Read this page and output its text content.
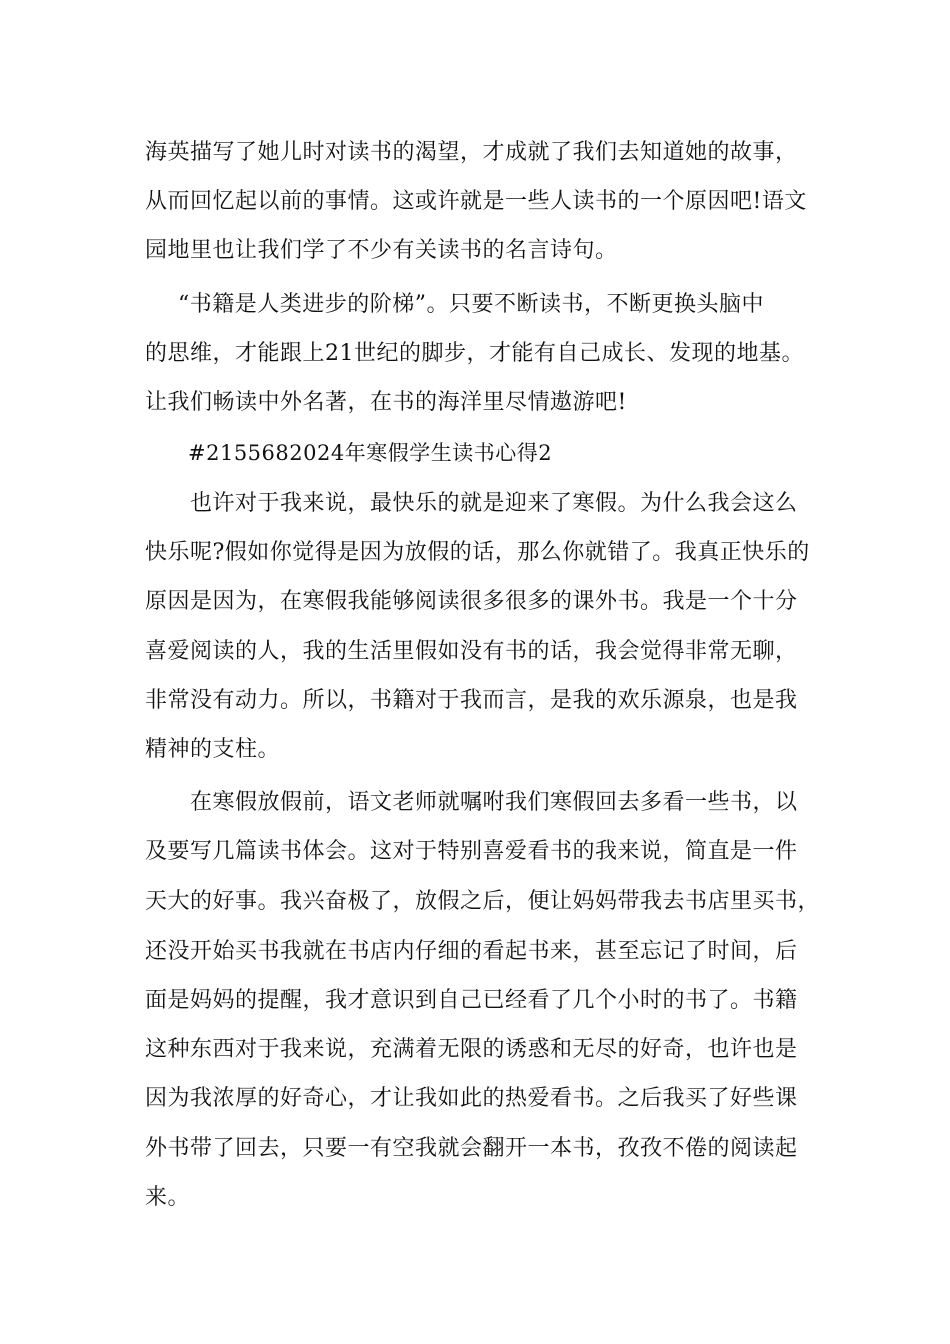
海英描写了她儿时对读书的渴望，才成就了我们去知道她的故事，
从而回忆起以前的事情。这或许就是一些人读书的一个原因吧!语文
园地里也让我们学了不少有关读书的名言诗句。
“书籍是人类进步的阶梯”。只要不断读书，不断更换头脑中
的思维，才能跟上21世纪的脚步，才能有自己成长、发现的地基。
让我们畅读中外名著，在书的海洋里尽情遨游吧!
#2155682024年寒假学生读书心得2
也许对于我来说，最快乐的就是迎来了寒假。为什么我会这么
快乐呢?假如你觉得是因为放假的话，那么你就错了。我真正快乐的
原因是因为，在寒假我能够阅读很多很多的课外书。我是一个十分
喜爱阅读的人，我的生活里假如没有书的话，我会觉得非常无聊，
非常没有动力。所以，书籍对于我而言，是我的欢乐源泉，也是我
精神的支柱。
在寒假放假前，语文老师就嘱咐我们寒假回去多看一些书，以
及要写几篇读书体会。这对于特别喜爱看书的我来说，简直是一件
天大的好事。我兴奋极了，放假之后，便让妈妈带我去书店里买书，
还没开始买书我就在书店内仔细的看起书来，甚至忘记了时间，后
面是妈妈的提醒，我才意识到自己已经看了几个小时的书了。书籍
这种东西对于我来说，充满着无限的诱惑和无尽的好奇，也许也是
因为我浓厚的好奇心，才让我如此的热爱看书。之后我买了好些课
外书带了回去，只要一有空我就会翻开一本书，孜孜不倦的阅读起
来。
